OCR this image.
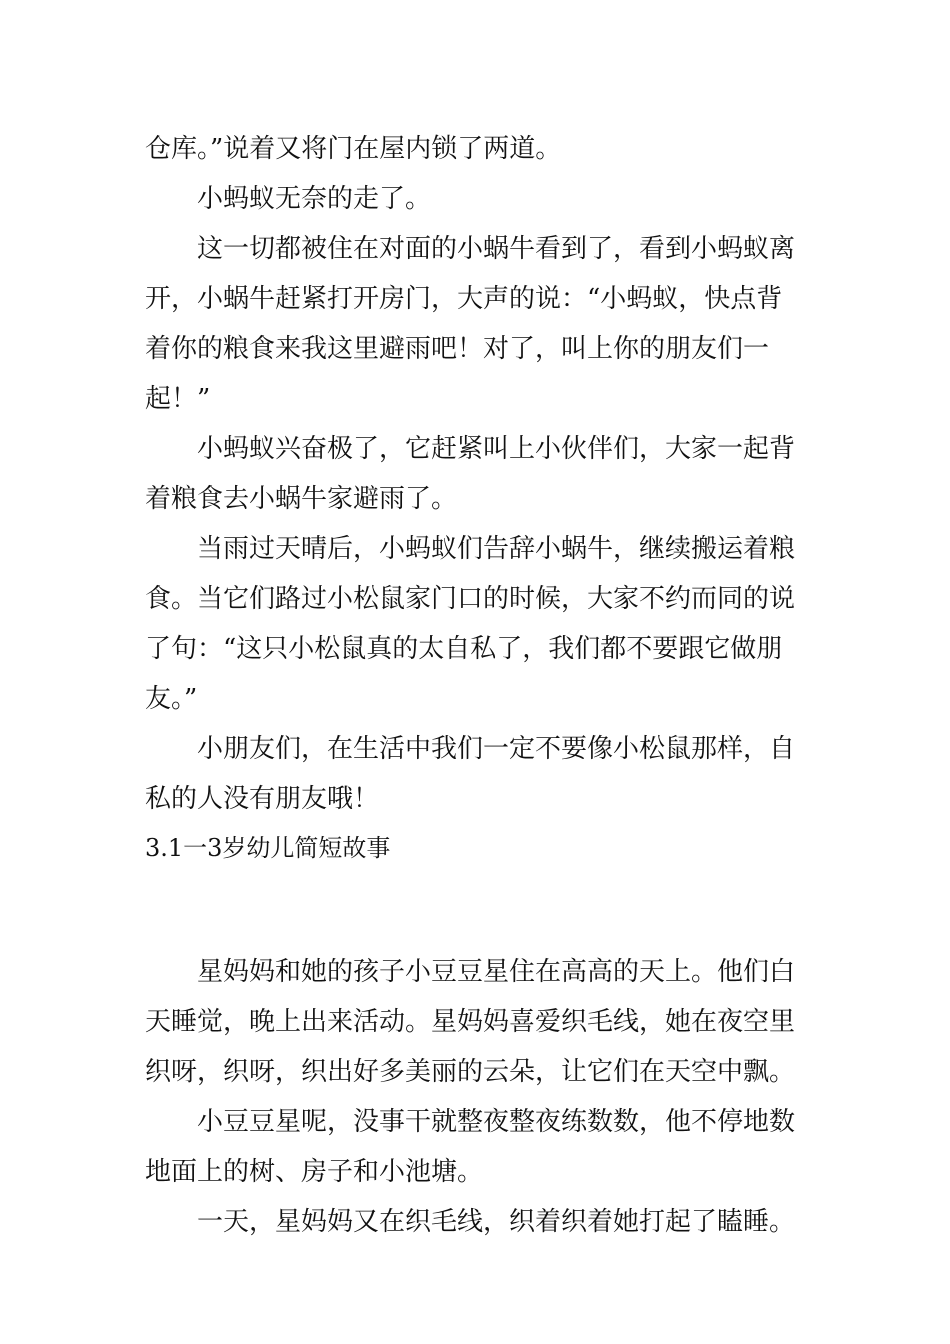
仓库。”说着又将门在屋内锁了两道。
小蚂蚁无奈的走了。
这一切都被住在对面的小蜗牛看到了，看到小蚂蚁离
开，小蜗牛赶紧打开房门，大声的说：“小蚂蚁，快点背
着你的粮食来我这里避雨吧！对了，叫上你的朋友们一
起！”
小蚂蚁兴奋极了，它赶紧叫上小伙伴们，大家一起背
着粮食去小蜗牛家避雨了。
当雨过天晴后，小蚂蚁们告辞小蜗牛，继续搬运着粮
食。当它们路过小松鼠家门口的时候，大家不约而同的说
了句：“这只小松鼠真的太自私了，我们都不要跟它做朋
友。”
小朋友们，在生活中我们一定不要像小松鼠那样，自
私的人没有朋友哦！
3.1一3岁幼儿简短故事
星妈妈和她的孩子小豆豆星住在高高的天上。他们白
天睡觉，晚上出来活动。星妈妈喜爱织毛线，她在夜空里
织呀，织呀，织出好多美丽的云朵，让它们在天空中飘。
小豆豆星呢，没事干就整夜整夜练数数，他不停地数
地面上的树、房子和小池塘。
一天，星妈妈又在织毛线，织着织着她打起了瞌睡。
